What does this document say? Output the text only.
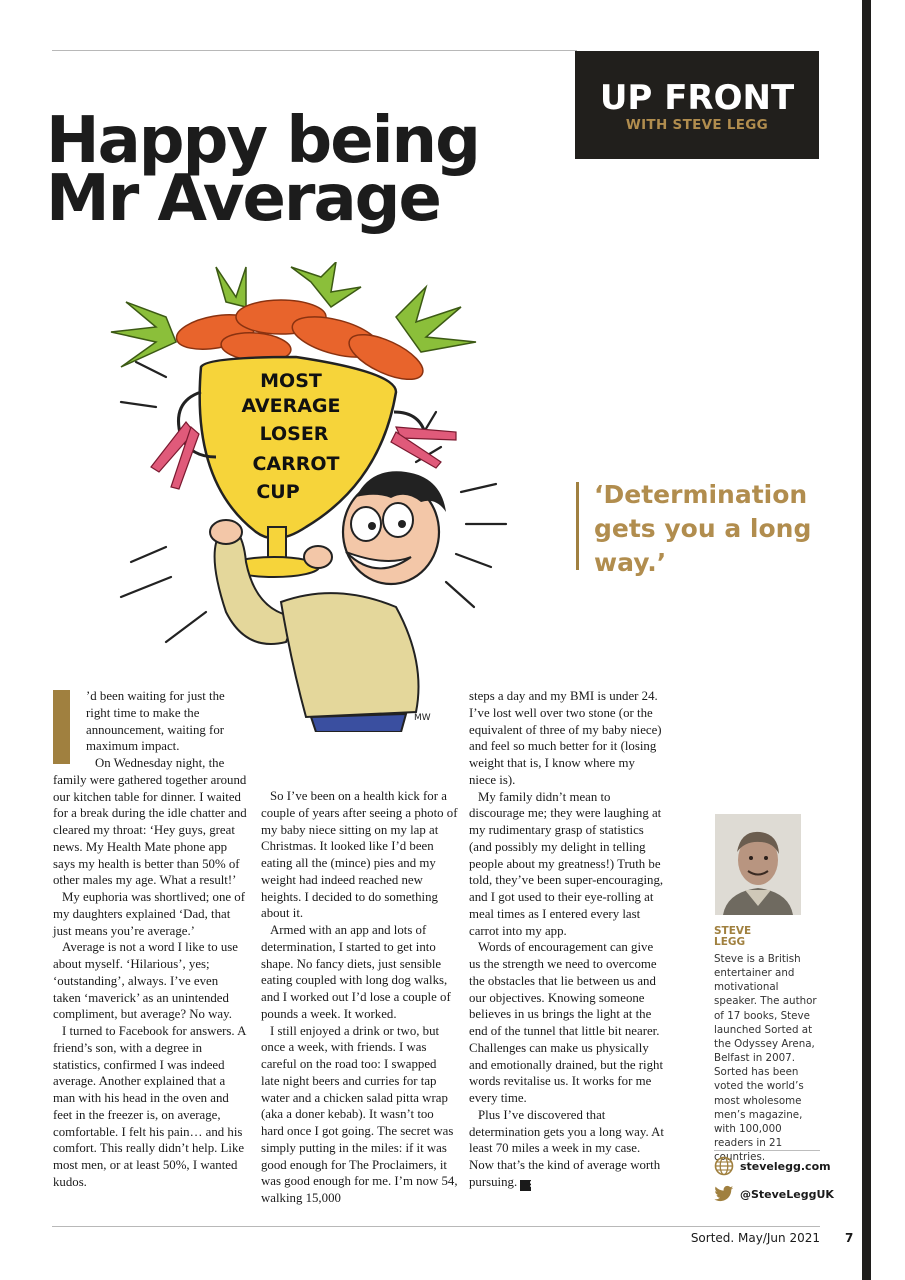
UP FRONT
WITH STEVE LEGG
Happy being Mr Average
MOST
AVERAGE
LOSER
CARROT
CUP
MW
‘Determination gets you a long way.’

’d been waiting for just the right time to make the announcement, waiting for maximum impact.

On Wednesday night, the
family were gathered together around our kitchen table for dinner. I waited for a break during the idle chatter and cleared my throat: ‘Hey guys, great news. My Health Mate phone app says my health is better than 50% of other males my age. What a result!’

My euphoria was shortlived; one of my daughters explained ‘Dad, that just means you’re average.’

Average is not a word I like to use about myself. ‘Hilarious’, yes; ‘outstanding’, always. I’ve even taken ‘maverick’ as an unintended compliment, but average? No way.

I turned to Facebook for answers. A friend’s son, with a degree in statistics, confirmed I was indeed average. Another explained that a man with his head in the oven and feet in the freezer is, on average, comfortable. I felt his pain… and his comfort. This really didn’t help. Like most men, or at least 50%, I wanted kudos.

So I’ve been on a health kick for a couple of years after seeing a photo of my baby niece sitting on my lap at Christmas. It looked like I’d been eating all the (mince) pies and my weight had indeed reached new heights. I decided to do something about it.

Armed with an app and lots of determination, I started to get into shape. No fancy diets, just sensible eating coupled with long dog walks, and I worked out I’d lose a couple of pounds a week. It worked.

I still enjoyed a drink or two, but once a week, with friends. I was careful on the road too: I swapped late night beers and curries for tap water and a chicken salad pitta wrap (aka a doner kebab). It wasn’t too hard once I got going. The secret was simply putting in the miles: if it was good enough for The Proclaimers, it was good enough for me. I’m now 54, walking 15,000

steps a day and my BMI is under 24. I’ve lost well over two stone (or the equivalent of three of my baby niece) and feel so much better for it (losing weight that is, I know where my niece is).

My family didn’t mean to discourage me; they were laughing at my rudimentary grasp of statistics (and possibly my delight in telling people about my greatness!) Truth be told, they’ve been super-encouraging, and I got used to their eye-rolling at meal times as I entered every last carrot into my app.

Words of encouragement can give us the strength we need to overcome the obstacles that lie between us and our objectives. Knowing someone believes in us brings the light at the end of the tunnel that little bit nearer. Challenges can make us physically and emotionally drained, but the right words revitalise us. It works for me every time.

Plus I’ve discovered that determination gets you a long way. At least 70 miles a week in my case. Now that’s the kind of average worth pursuing. S

STEVE
LEGG

Steve is a British entertainer and motivational speaker. The author of 17 books, Steve launched Sorted at the Odyssey Arena, Belfast in 2007. Sorted has been voted the world’s most wholesome men’s magazine, with 100,000 readers in 21 countries.

stevelegg.com
@SteveLeggUK
Sorted. May/Jun 2021 7
